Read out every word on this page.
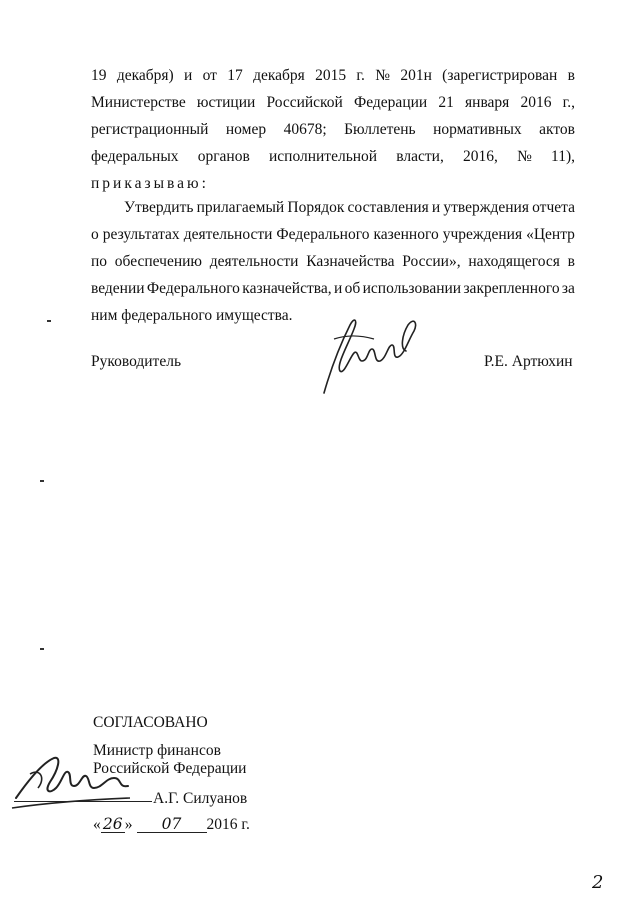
19 декабря) и от 17 декабря 2015 г. № 201н (зарегистрирован в
Министерстве юстиции Российской Федерации 21 января 2016 г.,
регистрационный номер 40678; Бюллетень нормативных актов
федеральных органов исполнительной власти, 2016, № 11),
приказываю:
Утвердить прилагаемый Порядок составления и утверждения отчета
о результатах деятельности Федерального казенного учреждения «Центр
по обеспечению деятельности Казначейства России», находящегося в
ведении Федерального казначейства, и об использовании закрепленного за
ним федерального имущества.
Руководитель	Р.Е. Артюхин
СОГЛАСОВАНО
Министр финансов
Российской Федерации
А.Г. Силуанов
« 26 » 07 2016 г.
2
